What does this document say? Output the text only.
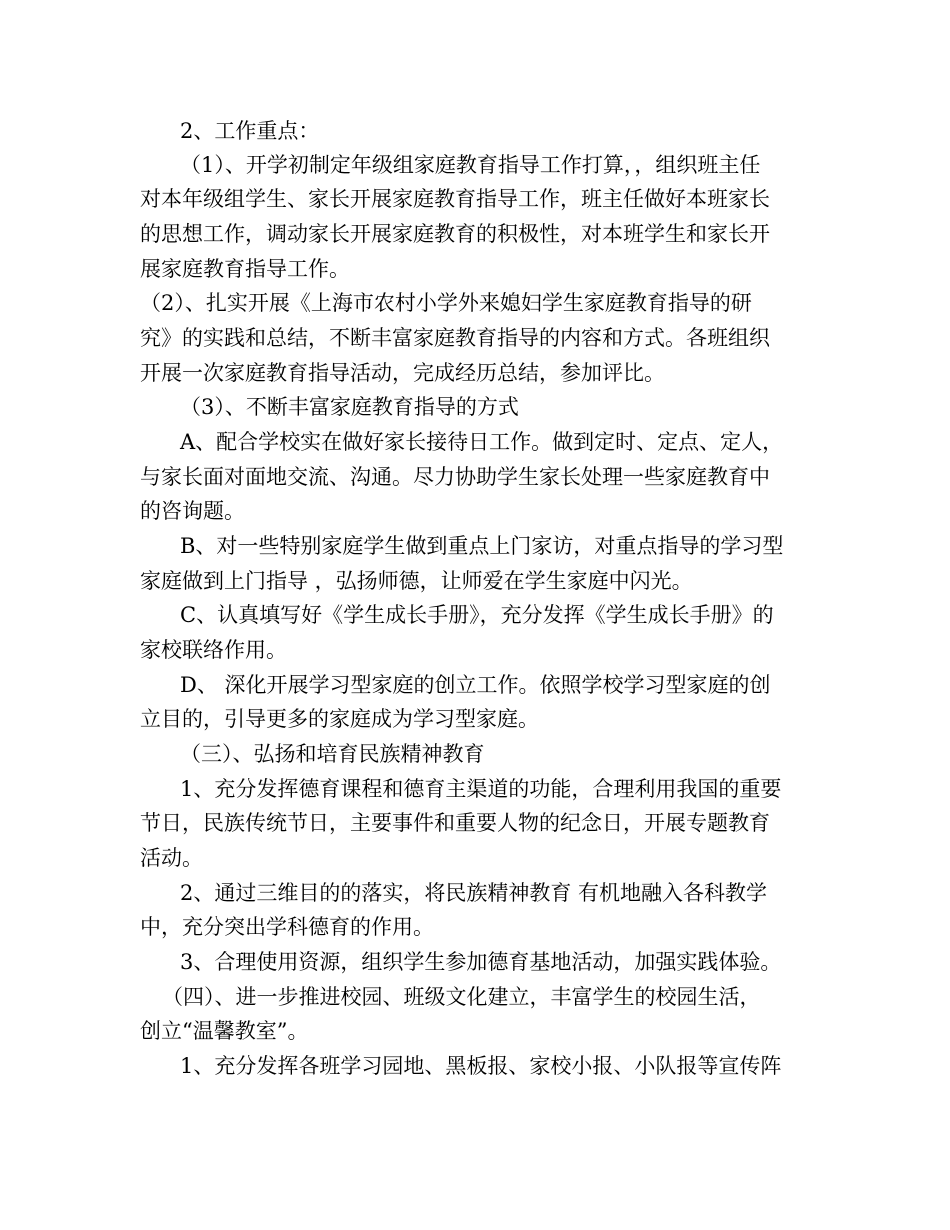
2、工作重点：
（1）、开学初制定年级组家庭教育指导工作打算，，组织班主任
对本年级组学生、家长开展家庭教育指导工作，班主任做好本班家长
的思想工作，调动家长开展家庭教育的积极性，对本班学生和家长开
展家庭教育指导工作。
（2）、扎实开展《上海市农村小学外来媳妇学生家庭教育指导的研
究》的实践和总结，不断丰富家庭教育指导的内容和方式。各班组织
开展一次家庭教育指导活动，完成经历总结，参加评比。
（3）、不断丰富家庭教育指导的方式
A、配合学校实在做好家长接待日工作。做到定时、定点、定人，
与家长面对面地交流、沟通。尽力协助学生家长处理一些家庭教育中
的咨询题。
B、对一些特别家庭学生做到重点上门家访，对重点指导的学习型
家庭做到上门指导 ，弘扬师德，让师爱在学生家庭中闪光。
C、认真填写好《学生成长手册》，充分发挥《学生成长手册》的
家校联络作用。
D、 深化开展学习型家庭的创立工作。依照学校学习型家庭的创
立目的，引导更多的家庭成为学习型家庭。
（三）、弘扬和培育民族精神教育
1、充分发挥德育课程和德育主渠道的功能，合理利用我国的重要
节日，民族传统节日，主要事件和重要人物的纪念日，开展专题教育
活动。
2、通过三维目的的落实，将民族精神教育 有机地融入各科教学
中，充分突出学科德育的作用。
3、合理使用资源，组织学生参加德育基地活动，加强实践体验。
（四）、进一步推进校园、班级文化建立，丰富学生的校园生活，
创立“温馨教室”。
1、充分发挥各班学习园地、黑板报、家校小报、小队报等宣传阵
